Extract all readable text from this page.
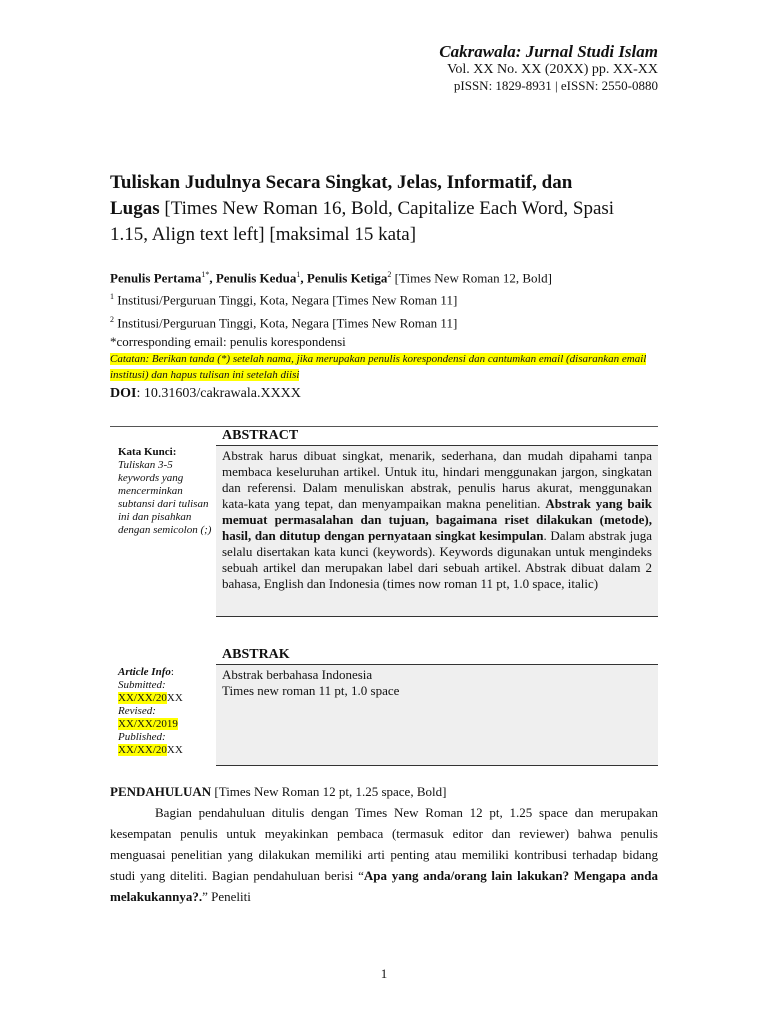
Cakrawala: Jurnal Studi Islam
Vol. XX No. XX (20XX) pp. XX-XX
pISSN: 1829-8931 | eISSN: 2550-0880
Tuliskan Judulnya Secara Singkat, Jelas, Informatif, dan
Lugas [Times New Roman 16, Bold, Capitalize Each Word, Spasi 1.15, Align text left] [maksimal 15 kata]
Penulis Pertama$^{1*}$, Penulis Kedua$^1$, Penulis Ketiga$^2$ [Times New Roman 12, Bold]
$^1$ Institusi/Perguruan Tinggi, Kota, Negara [Times New Roman 11]
$^2$ Institusi/Perguruan Tinggi, Kota, Negara [Times New Roman 11]
*corresponding email: penulis korespondensi
Catatan: Berikan tanda (*) setelah nama, jika merupakan penulis korespondensi dan cantumkan email (disarankan email institusi) dan hapus tulisan ini setelah diisi
DOI: 10.31603/cakrawala.XXXX
Kata Kunci:
Tuliskan 3-5 keywords yang mencerminkan subtansi dari tulisan ini dan pisahkan dengan semicolon (;)
ABSTRACT
Abstrak harus dibuat singkat, menarik, sederhana, dan mudah dipahami tanpa membaca keseluruhan artikel. Untuk itu, hindari menggunakan jargon, singkatan dan referensi. Dalam menuliskan abstrak, penulis harus akurat, menggunakan kata-kata yang tepat, dan menyampaikan makna penelitian. Abstrak yang baik memuat permasalahan dan tujuan, bagaimana riset dilakukan (metode), hasil, dan ditutup dengan pernyataan singkat kesimpulan. Dalam abstrak juga selalu disertakan kata kunci (keywords). Keywords digunakan untuk mengindeks sebuah artikel dan merupakan label dari sebuah artikel. Abstrak dibuat dalam 2 bahasa, English dan Indonesia (times now roman 11 pt, 1.0 space, italic)
Article Info:
Submitted:
XX/XX/20XX
Revised:
XX/XX/2019
Published:
XX/XX/20XX
ABSTRAK
Abstrak berbahasa Indonesia
Times new roman 11 pt, 1.0 space
PENDAHULUAN [Times New Roman 12 pt, 1.25 space, Bold]

Bagian pendahuluan ditulis dengan Times New Roman 12 pt, 1.25 space dan merupakan kesempatan penulis untuk meyakinkan pembaca (termasuk editor dan reviewer) bahwa penulis menguasai penelitian yang dilakukan memiliki arti penting atau memiliki kontribusi terhadap bidang studi yang diteliti. Bagian pendahuluan berisi “Apa yang anda/orang lain lakukan? Mengapa anda melakukannya?.” Peneliti

1
